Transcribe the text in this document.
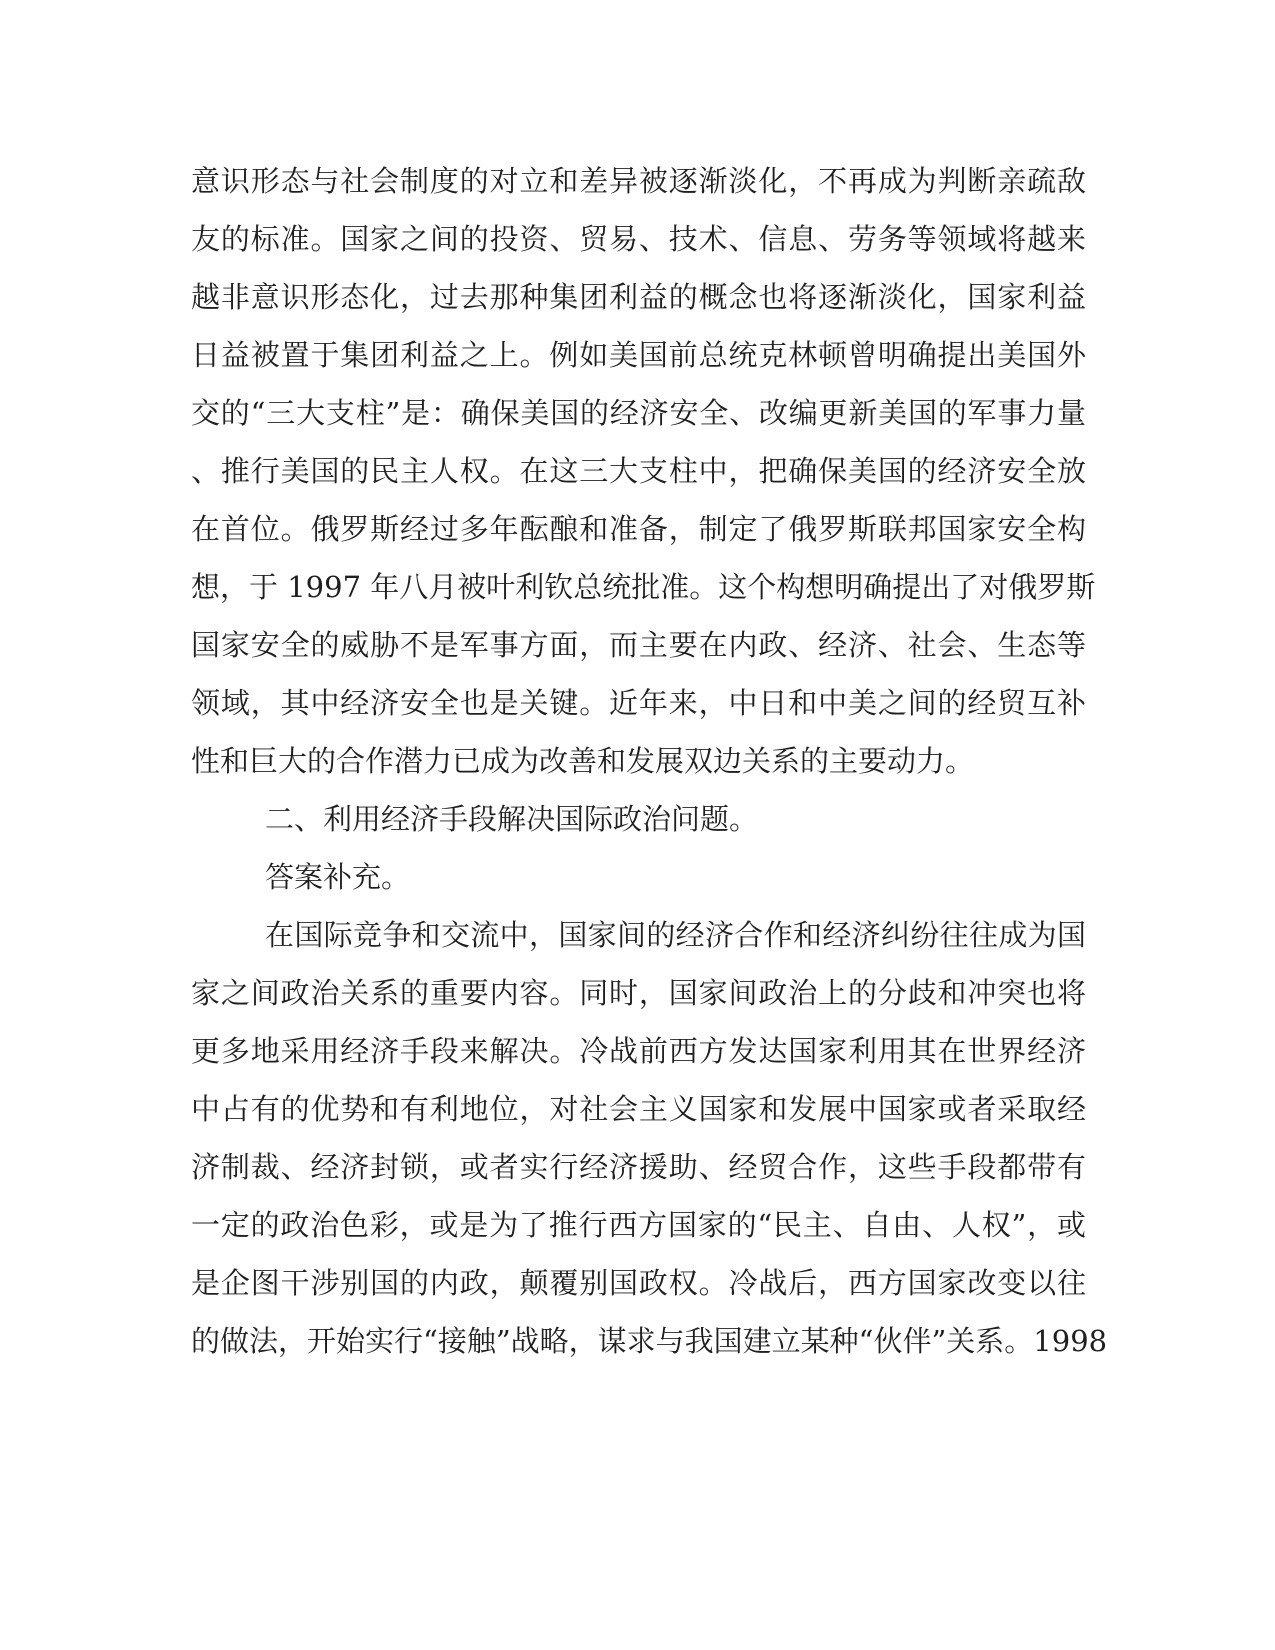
意识形态与社会制度的对立和差异被逐渐淡化，不再成为判断亲疏敌
友的标准。国家之间的投资、贸易、技术、信息、劳务等领域将越来
越非意识形态化，过去那种集团利益的概念也将逐渐淡化，国家利益
日益被置于集团利益之上。例如美国前总统克林顿曾明确提出美国外
交的“三大支柱”是：确保美国的经济安全、改编更新美国的军事力量
、推行美国的民主人权。在这三大支柱中，把确保美国的经济安全放
在首位。俄罗斯经过多年酝酿和准备，制定了俄罗斯联邦国家安全构
想，于 1997 年八月被叶利钦总统批准。这个构想明确提出了对俄罗斯
国家安全的威胁不是军事方面，而主要在内政、经济、社会、生态等
领域，其中经济安全也是关键。近年来，中日和中美之间的经贸互补
性和巨大的合作潜力已成为改善和发展双边关系的主要动力。
二、利用经济手段解决国际政治问题。
答案补充。
在国际竞争和交流中，国家间的经济合作和经济纠纷往往成为国
家之间政治关系的重要内容。同时，国家间政治上的分歧和冲突也将
更多地采用经济手段来解决。冷战前西方发达国家利用其在世界经济
中占有的优势和有利地位，对社会主义国家和发展中国家或者采取经
济制裁、经济封锁，或者实行经济援助、经贸合作，这些手段都带有
一定的政治色彩，或是为了推行西方国家的“民主、自由、人权”，或
是企图干涉别国的内政，颠覆别国政权。冷战后，西方国家改变以往
的做法，开始实行“接触”战略，谋求与我国建立某种“伙伴”关系。1998
